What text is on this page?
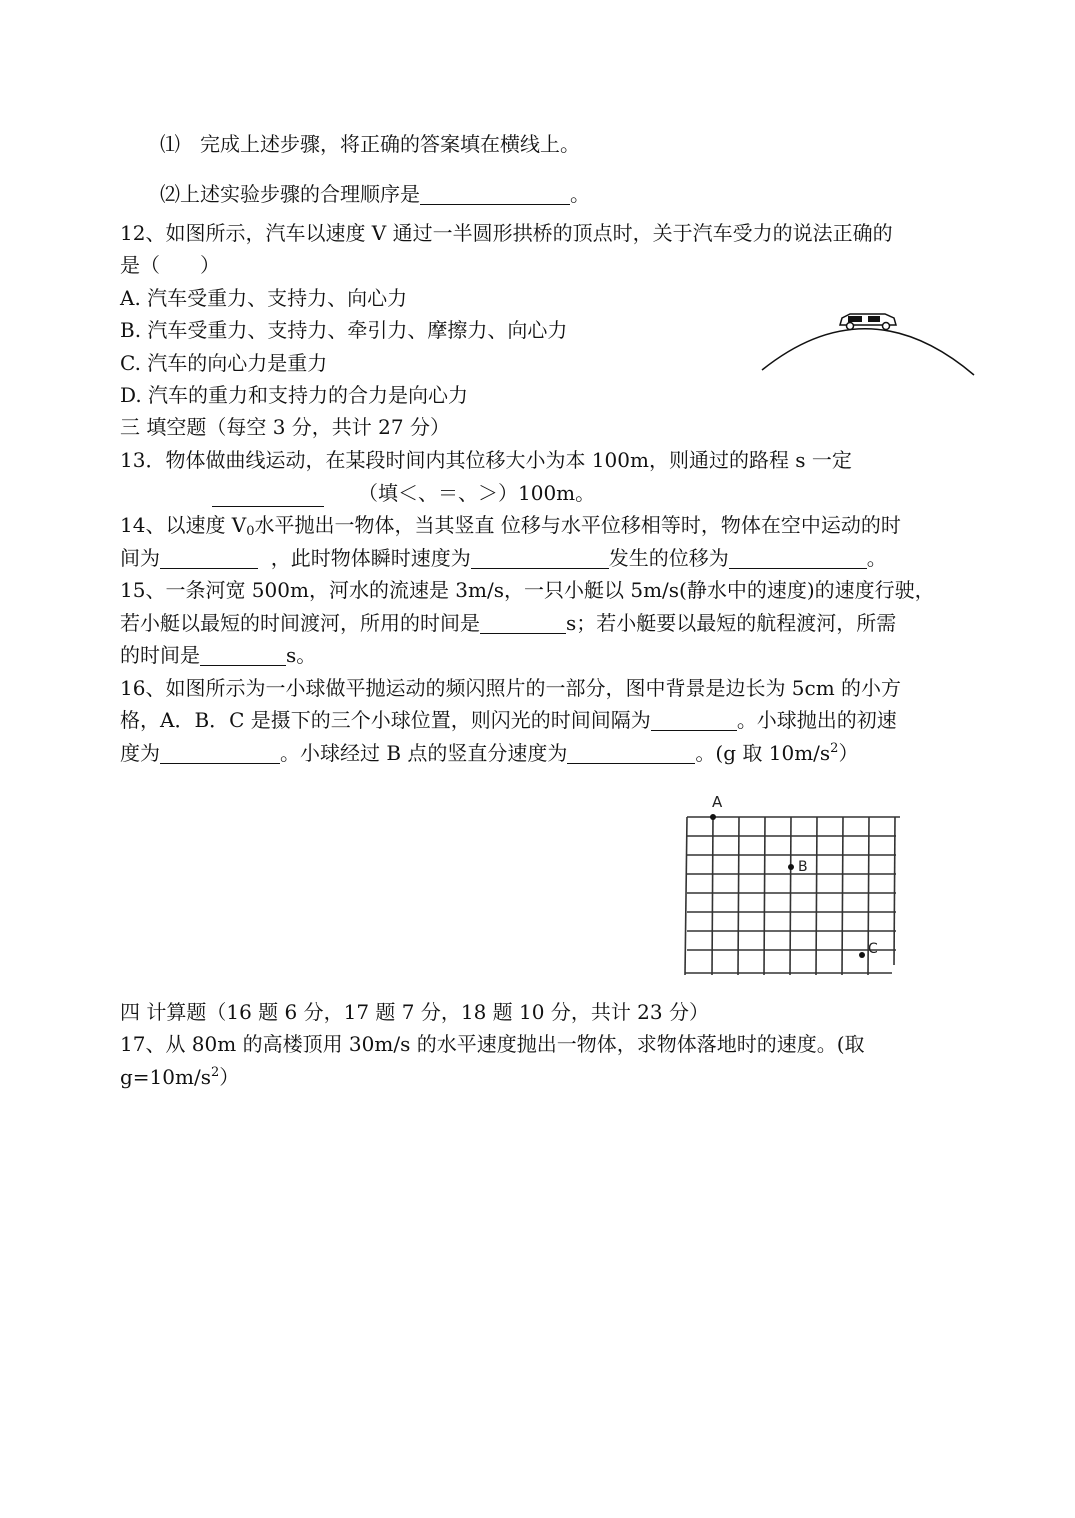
⑴　完成上述步骤，将正确的答案填在横线上。
⑵上述实验步骤的合理顺序是	。
12、如图所示，汽车以速度 V 通过一半圆形拱桥的顶点时，关于汽车受力的说法正确的
是（　　）
A. 汽车受重力、支持力、向心力
B. 汽车受重力、支持力、牵引力、摩擦力、向心力
C. 汽车的向心力是重力
D. 汽车的重力和支持力的合力是向心力
三 填空题（每空 3 分，共计 27 分）
13．物体做曲线运动，在某段时间内其位移大小为本 100m，则通过的路程 s 一定
（填＜、＝、＞）100m。
14、以速度 $V_0$水平抛出一物体，当其竖直 位移与水平位移相等时，物体在空中运动的时
间为	，此时物体瞬时速度为	发生的位移为	。
15、一条河宽 500m，河水的流速是 3m/s，一只小艇以 5m/s(静水中的速度)的速度行驶，
若小艇以最短的时间渡河，所用的时间是	s；若小艇要以最短的航程渡河，所需
的时间是	s。
16、如图所示为一小球做平抛运动的频闪照片的一部分，图中背景是边长为 5cm 的小方
格，A．B．C 是摄下的三个小球位置，则闪光的时间间隔为	。小球抛出的初速
度为	。小球经过 B 点的竖直分速度为	。(g 取 $10m/s^2$）
A
B
C
四 计算题（16 题 6 分，17 题 7 分，18 题 10 分，共计 23 分）
17、从 80m 的高楼顶用 30m/s 的水平速度抛出一物体，求物体落地时的速度。(取
$g=10m/s^2$）
